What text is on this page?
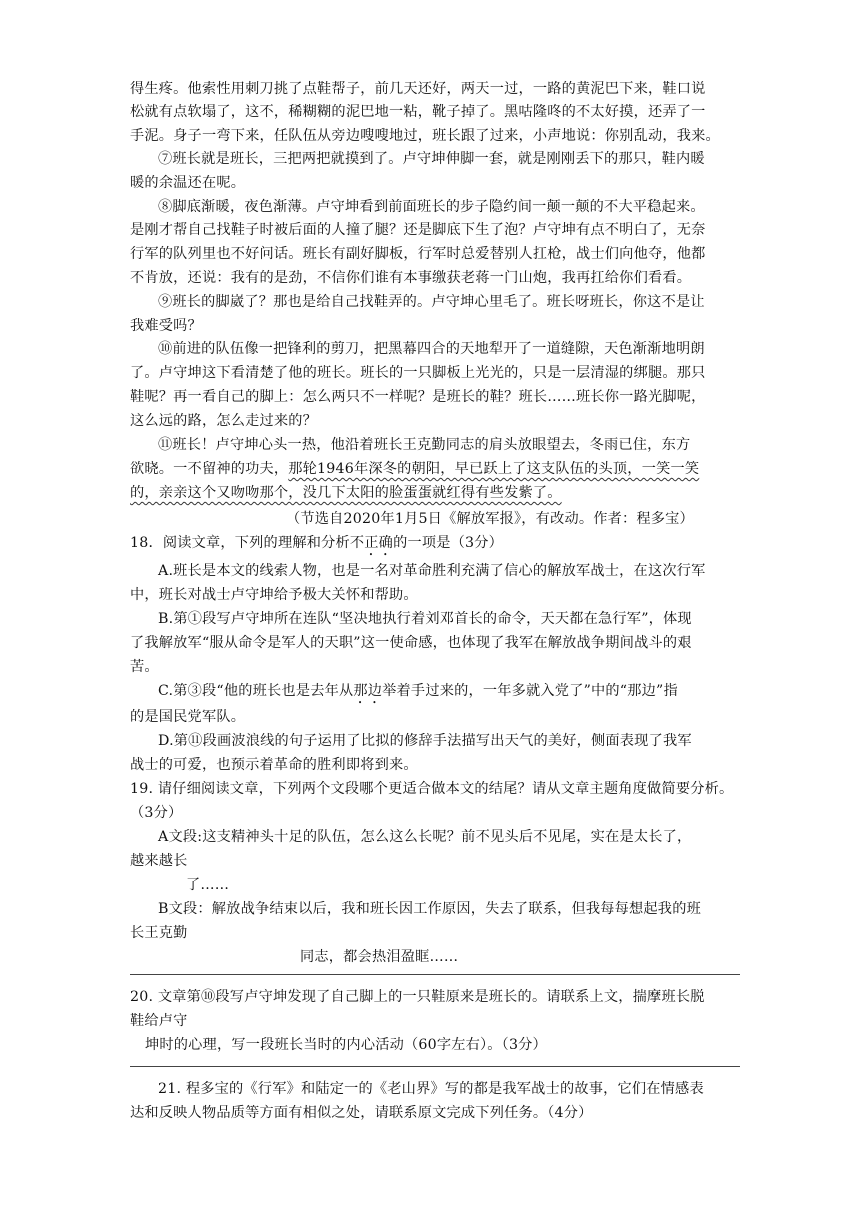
得生疼。他索性用刺刀挑了点鞋帮子，前几天还好，两天一过，一路的黄泥巴下来，鞋口说
松就有点软塌了，这不，稀糊糊的泥巴地一粘，靴子掉了。黑咕隆咚的不太好摸，还弄了一
手泥。身子一弯下来，任队伍从旁边嗖嗖地过，班长跟了过来，小声地说：你别乱动，我来。
⑦班长就是班长，三把两把就摸到了。卢守坤伸脚一套，就是刚刚丢下的那只，鞋内暖
暖的余温还在呢。
⑧脚底渐暖，夜色渐薄。卢守坤看到前面班长的步子隐约间一颠一颠的不大平稳起来。
是刚才帮自己找鞋子时被后面的人撞了腿？还是脚底下生了泡？卢守坤有点不明白了，无奈
行军的队列里也不好问话。班长有副好脚板，行军时总爱替别人扛枪，战士们向他夺，他都
不肯放，还说：我有的是劲，不信你们谁有本事缴获老蒋一门山炮，我再扛给你们看看。
⑨班长的脚崴了？那也是给自己找鞋弄的。卢守坤心里毛了。班长呀班长，你这不是让
我难受吗？
⑩前进的队伍像一把锋利的剪刀，把黑幕四合的天地犁开了一道缝隙，天色渐渐地明朗
了。卢守坤这下看清楚了他的班长。班长的一只脚板上光光的，只是一层清湿的绑腿。那只
鞋呢？再一看自己的脚上：怎么两只不一样呢？是班长的鞋？班长……班长你一路光脚呢，
这么远的路，怎么走过来的？
⑪班长！卢守坤心头一热，他沿着班长王克勤同志的肩头放眼望去，冬雨已住，东方
欲晓。一不留神的功夫，那轮1946年深冬的朝阳，早已跃上了这支队伍的头顶，一笑一笑
的，亲亲这个又吻吻那个，没几下太阳的脸蛋蛋就红得有些发紫了。
（节选自2020年1月5日《解放军报》，有改动。作者：程多宝）
18．阅读文章，下列的理解和分析不正确的一项是（3分）
A.班长是本文的线索人物，也是一名对革命胜利充满了信心的解放军战士，在这次行军
中，班长对战士卢守坤给予极大关怀和帮助。
B.第①段写卢守坤所在连队“坚决地执行着刘邓首长的命令，天天都在急行军”，体现
了我解放军“服从命令是军人的天职”这一使命感，也体现了我军在解放战争期间战斗的艰
苦。
C.第③段“他的班长也是去年从那边举着手过来的，一年多就入党了”中的“那边”指
的是国民党军队。
D.第⑪段画波浪线的句子运用了比拟的修辞手法描写出天气的美好，侧面表现了我军
战士的可爱，也预示着革命的胜利即将到来。
19. 请仔细阅读文章，下列两个文段哪个更适合做本文的结尾？请从文章主题角度做简要分析。
（3分）
A文段:这支精神头十足的队伍，怎么这么长呢？前不见头后不见尾，实在是太长了，
越来越长
了……
B文段：解放战争结束以后，我和班长因工作原因，失去了联系，但我每每想起我的班
长王克勤
同志，都会热泪盈眶……
20. 文章第⑩段写卢守坤发现了自己脚上的一只鞋原来是班长的。请联系上文，揣摩班长脱
鞋给卢守
坤时的心理，写一段班长当时的内心活动（60字左右）。（3分）
21. 程多宝的《行军》和陆定一的《老山界》写的都是我军战士的故事，它们在情感表
达和反映人物品质等方面有相似之处，请联系原文完成下列任务。（4分）
